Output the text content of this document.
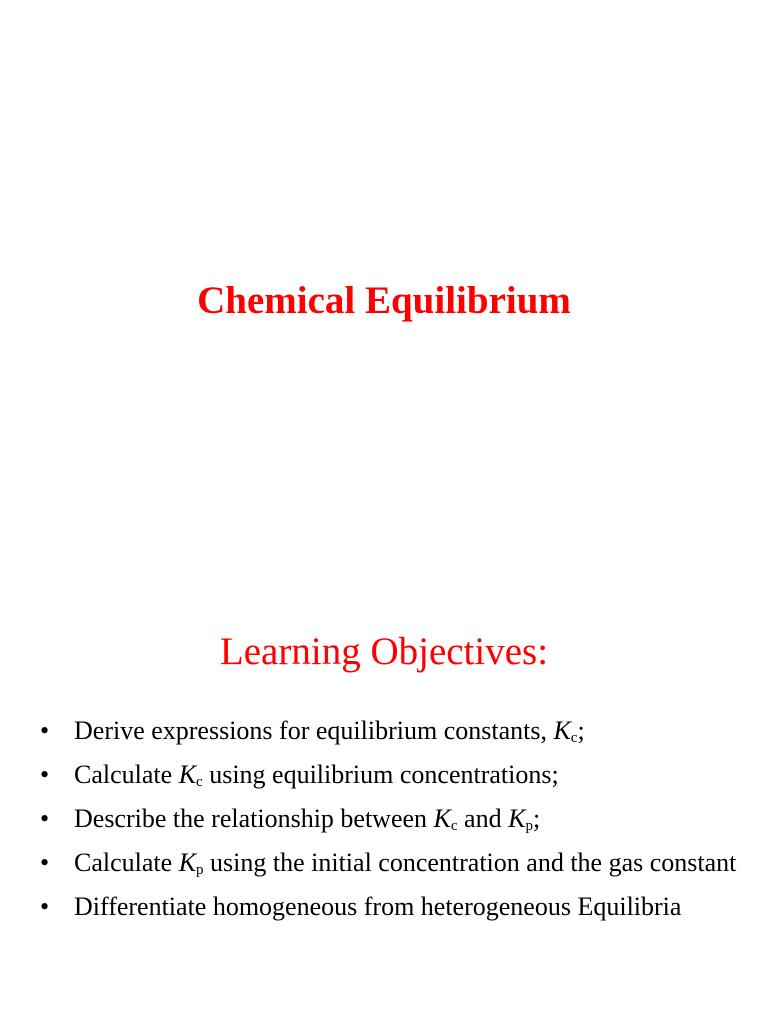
Chemical Equilibrium
Learning Objectives:
• Derive expressions for equilibrium constants, $K_c$;
• Calculate $K_c$ using equilibrium concentrations;
• Describe the relationship between $K_c$ and $K_p$;
• Calculate $K_p$ using the initial concentration and the gas constant
• Differentiate homogeneous from heterogeneous Equilibria
